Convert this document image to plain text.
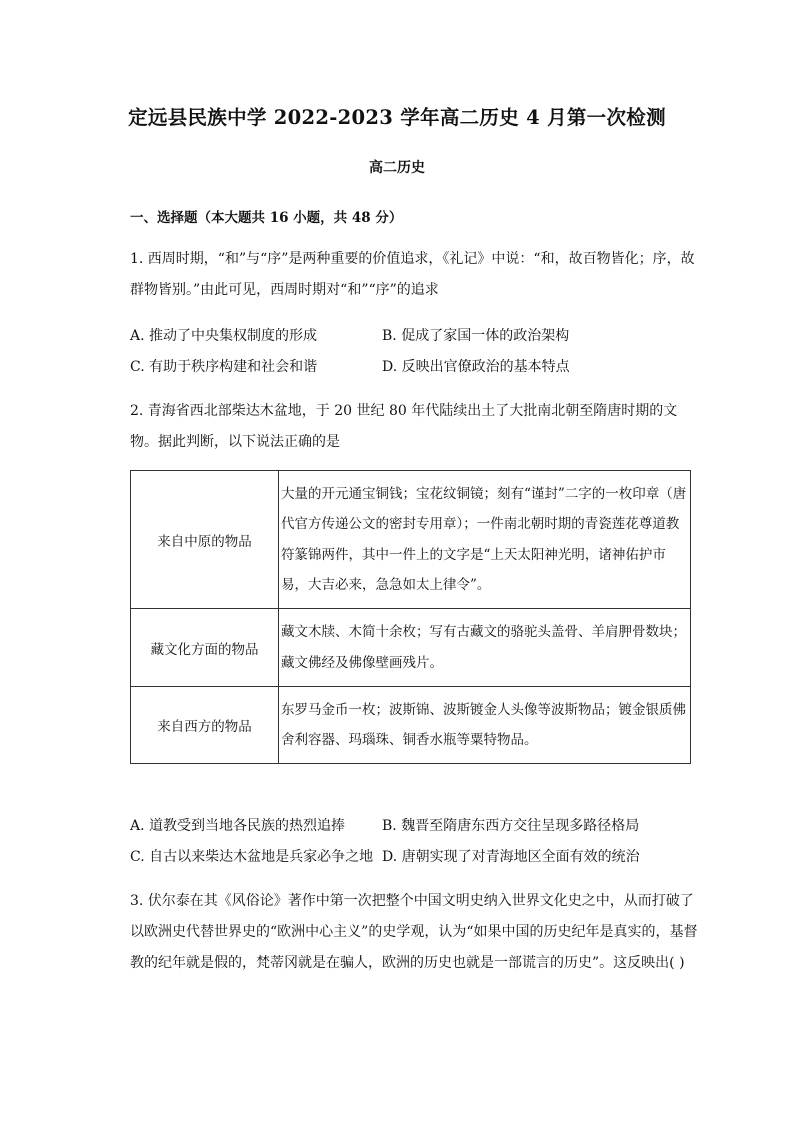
定远县民族中学 2022-2023 学年高二历史 4 月第一次检测
高二历史
一、选择题（本大题共 16 小题，共 48 分）
1. 西周时期，“和”与“序”是两种重要的价值追求，《礼记》中说：“和，故百物皆化；序，故群物皆别。”由此可见，西周时期对“和”“序”的追求
A. 推动了中央集权制度的形成	B. 促成了家国一体的政治架构
C. 有助于秩序构建和社会和谐	D. 反映出官僚政治的基本特点
2. 青海省西北部柴达木盆地，于 20 世纪 80 年代陆续出土了大批南北朝至隋唐时期的文物。据此判断，以下说法正确的是
来自中原的物品	大量的开元通宝铜钱；宝花纹铜镜；刻有“谨封”二字的一枚印章（唐代官方传递公文的密封专用章）；一件南北朝时期的青瓷莲花尊道教符篆锦两件，其中一件上的文字是“上天太阳神光明，诸神佑护市易，大吉必来，急急如太上律令”。
藏文化方面的物品	藏文木牍、木简十余枚；写有古藏文的骆驼头盖骨、羊肩胛骨数块；藏文佛经及佛像壁画残片。
来自西方的物品	东罗马金币一枚；波斯锦、波斯镀金人头像等波斯物品；镀金银质佛舍利容器、玛瑙珠、铜香水瓶等粟特物品。
A. 道教受到当地各民族的热烈追捧	B. 魏晋至隋唐东西方交往呈现多路径格局
C. 自古以来柴达木盆地是兵家必争之地 D. 唐朝实现了对青海地区全面有效的统治
3. 伏尔泰在其《风俗论》著作中第一次把整个中国文明史纳入世界文化史之中，从而打破了以欧洲史代替世界史的“欧洲中心主义”的史学观，认为“如果中国的历史纪年是真实的，基督教的纪年就是假的，梵蒂冈就是在骗人，欧洲的历史也就是一部谎言的历史”。这反映出( )
